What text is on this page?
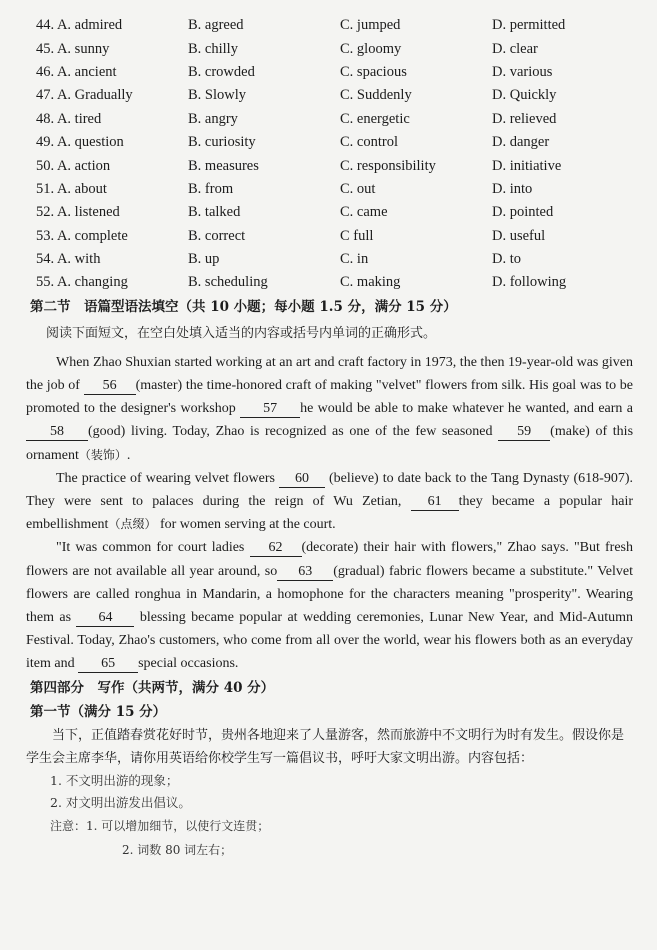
44. A. admired	B. agreed	C. jumped	D. permitted
45. A. sunny	B. chilly	C. gloomy	D. clear
46. A. ancient	B. crowded	C. spacious	D. various
47. A. Gradually	B. Slowly	C. Suddenly	D. Quickly
48. A. tired	B. angry	C. energetic	D. relieved
49. A. question	B. curiosity	C. control	D. danger
50. A. action	B. measures	C. responsibility	D. initiative
51. A. about	B. from	C. out	D. into
52. A. listened	B. talked	C. came	D. pointed
53. A. complete	B. correct	C full	D. useful
54. A. with	B. up	C. in	D. to
55. A. changing	B. scheduling	C. making	D. following
第二节　语篇型语法填空（共 10 小题；每小题 1.5 分，满分 15 分）
阅读下面短文，在空白处填入适当的内容或括号内单词的正确形式。

When Zhao Shuxian started working at an art and craft factory in 1973, the then 19-year-old was given the job of 56 (master) the time-honored craft of making "velvet" flowers from silk. His goal was to be promoted to the designer's workshop 57 he would be able to make whatever he wanted, and earn a 58 (good) living. Today, Zhao is recognized as one of the few seasoned 59 (make) of this ornament（装饰）.

The practice of wearing velvet flowers 60 (believe) to date back to the Tang Dynasty (618-907). They were sent to palaces during the reign of Wu Zetian, 61 they became a popular hair embellishment（点缀） for women serving at the court.

"It was common for court ladies 62 (decorate) their hair with flowers," Zhao says. "But fresh flowers are not available all year around, so 63 (gradual) fabric flowers became a substitute." Velvet flowers are called ronghua in Mandarin, a homophone for the characters meaning "prosperity". Wearing them as 64 blessing became popular at wedding ceremonies, Lunar New Year, and Mid-Autumn Festival. Today, Zhao's customers, who come from all over the world, wear his flowers both as an everyday item and 65 special occasions.

第四部分　写作（共两节，满分 40 分）
第一节（满分 15 分）

当下，正值踏春赏花好时节，贵州各地迎来了人量游客，然而旅游中不文明行为时有发生。假设你是学生会主席李华，请你用英语给你校学生写一篇倡议书，呼吁大家文明出游。内容包括：

1. 不文明出游的现象；
2. 对文明出游发出倡议。
注意：1. 可以增加细节，以使行文连贯；
2. 词数 80 词左右；
